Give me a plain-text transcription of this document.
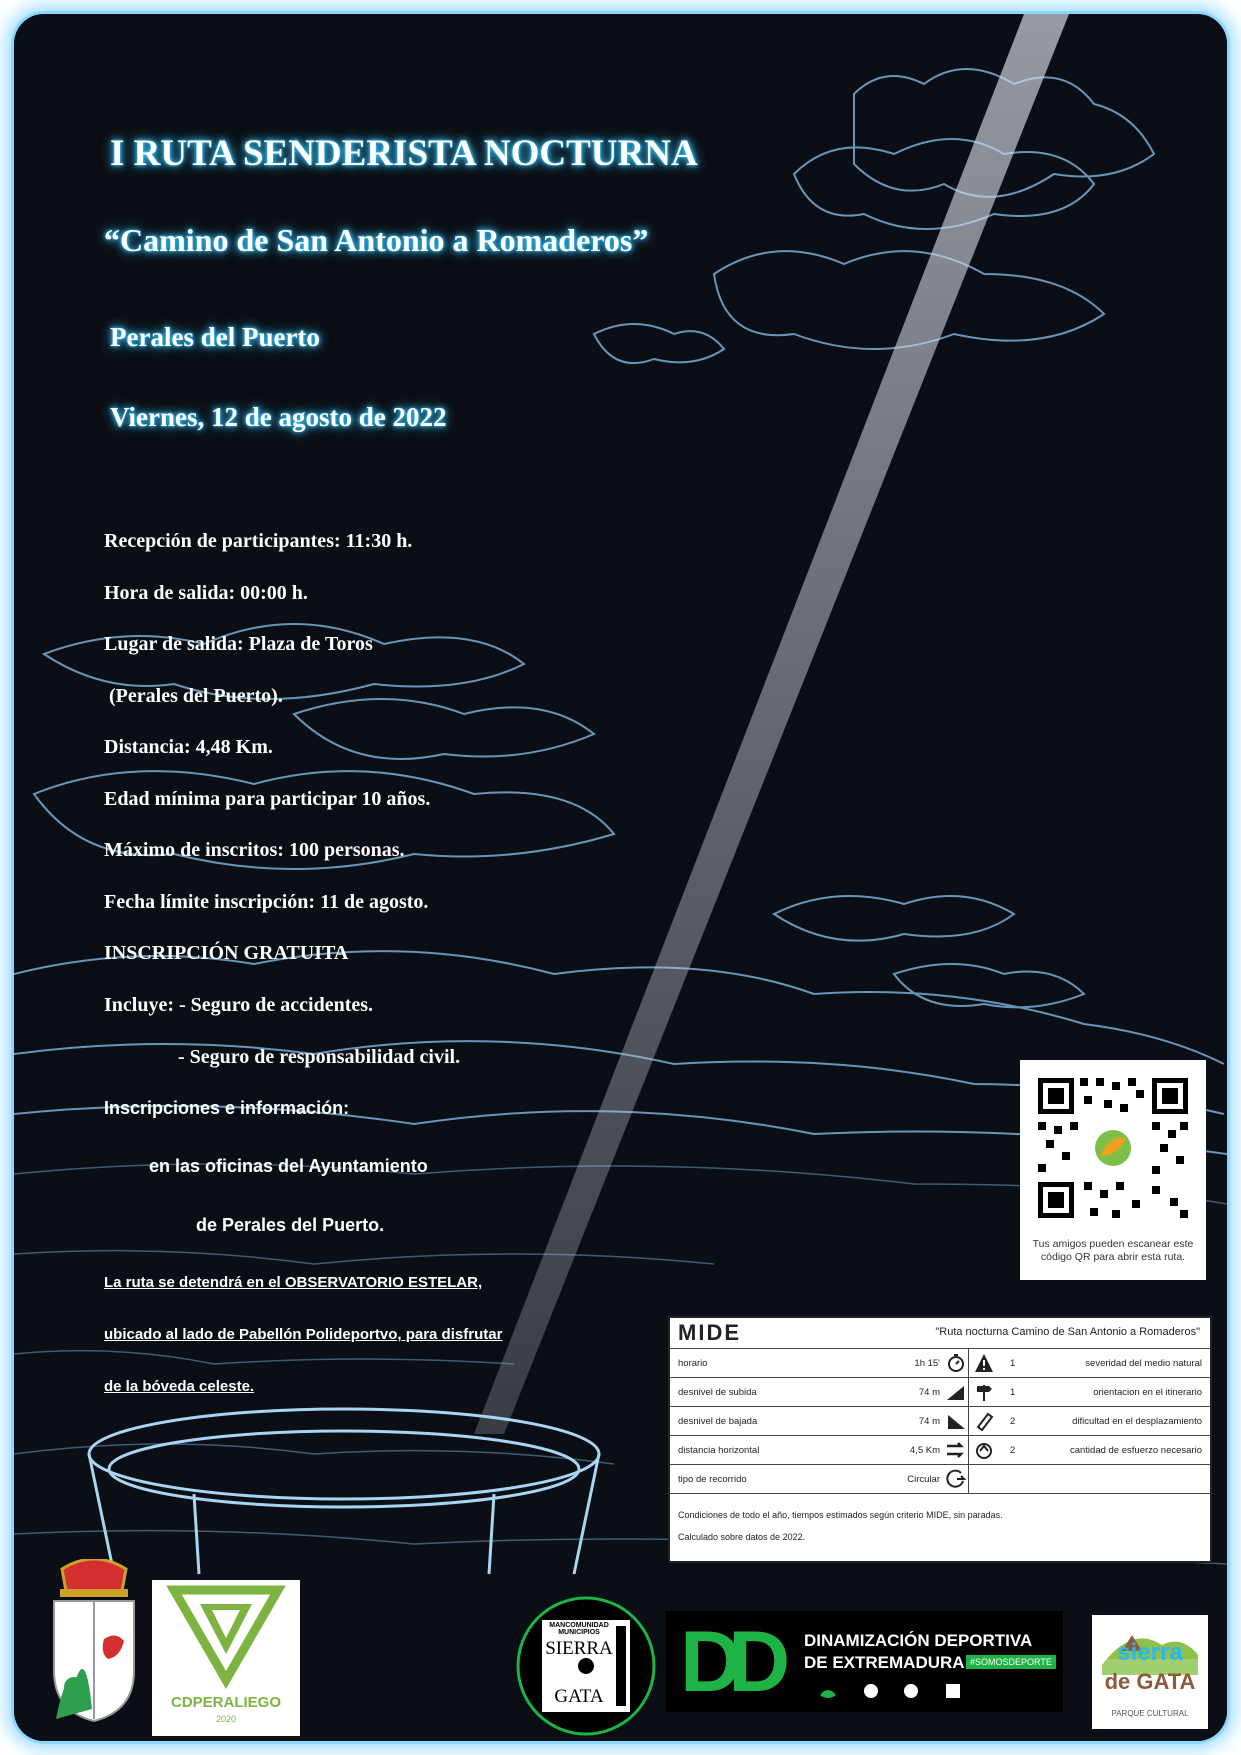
I RUTA SENDERISTA NOCTURNA
“Camino de San Antonio a Romaderos”
Perales del Puerto
Viernes, 12 de agosto de 2022
Recepción de participantes: 11:30 h.
Hora de salida: 00:00 h.
Lugar de salida: Plaza de Toros
(Perales del Puerto).
Distancia: 4,48 Km.
Edad mínima para participar 10 años.
Máximo de inscritos: 100 personas.
Fecha límite inscripción: 11 de agosto.
INSCRIPCIÓN GRATUITA
Incluye: - Seguro de accidentes.
- Seguro de responsabilidad civil.
Inscripciones e información:
en las oficinas del Ayuntamiento
de Perales del Puerto.
La ruta se detendrá en el OBSERVATORIO ESTELAR,
ubicado al lado de Pabellón Polideportvo, para disfrutar
de la bóveda celeste.
Tus amigos pueden escanear este código QR para abrir esta ruta.
MIDE	"Ruta nocturna Camino de San Antonio a Romaderos"
horario	1h 15'	1	severidad del medio natural
desnivel de subida	74 m	1	orientacion en el itinerario
desnivel de bajada	74 m	2	dificultad en el desplazamiento
distancia horizontal	4,5 Km	2	cantidad de esfuerzo necesario
tipo de recorrido	Circular
Condiciones de todo el año, tiempos estimados según criterio MIDE, sin paradas.
Calculado sobre datos de 2022.
CDPERALIEGO
2020
MANCOMUNIDAD MUNICIPIOS
SIERRA
GATA DD DINAMIZACIÓN DEPORTIVA
DE EXTREMADURA #SOMOSDEPORTE	sierra
de GATA
PARQUE CULTURAL
